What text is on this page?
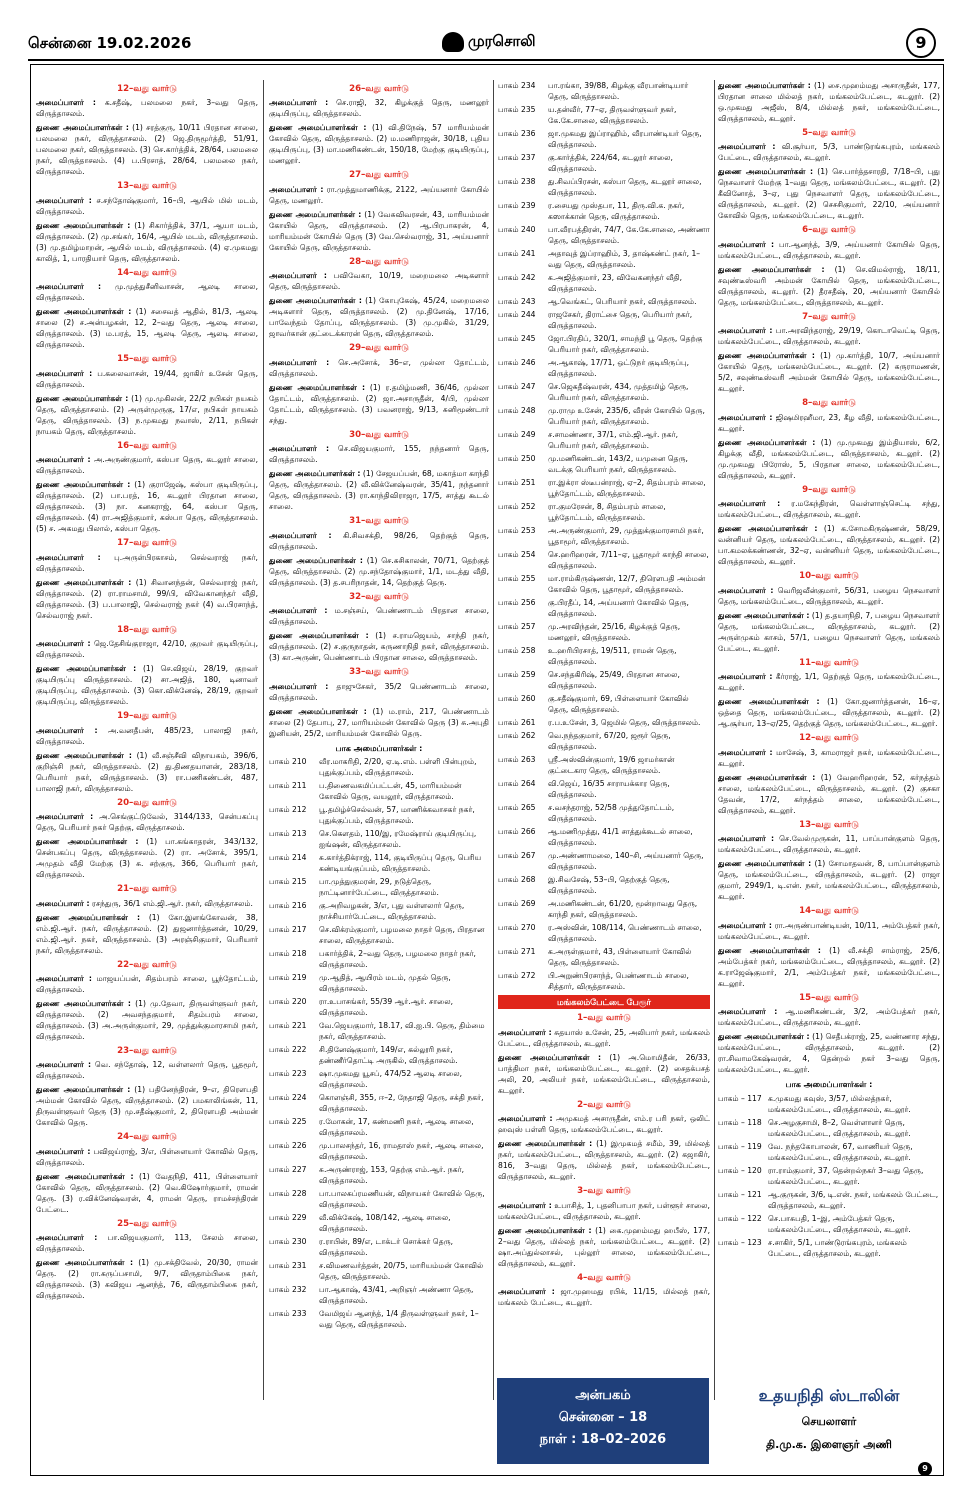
சென்னை 19.02.2026	முரசொலி	9
12–வது வார்டு
அமைப்பாளர் : க.சதீஷ், பலமலை நகர், 3–வது தெரு, விருத்தாசலம்.
துணை அமைப்பாளர்கள் : (1) சரத்குரு, 10/11 பிரதான சாலை, பலமலை நகர், விருத்தாசலம். (2) ஜெ.திருமூர்த்தி, 51/91, பலமலை நகர், விருத்தாசலம். (3) செ.கார்த்திக், 28/64, பலமலை நகர், விருத்தாசலம். (4) ப.பிரசாத், 28/64, பலமலை நகர், விருத்தாசலம்.
13–வது வார்டு
அமைப்பாளர் : ச.சந்தோஷ்குமார், 16–பி, ஆயில் மில் மடம், விருத்தாசலம்.
துணை அமைப்பாளர்கள் : (1) சிகார்த்திக், 37/1, ஆயா மடம், விருத்தாசலம். (2) மு.சங்கர், 16/4, ஆயில் மடம், விருத்தாசலம். (3) மு.தமிழ்மாறன், ஆயில் மடம், விருத்தாசலம். (4) ஏ.முகமது காலித், 1, பாரதியார் தெரு, விருத்தாசலம்.
14–வது வார்டு
அமைப்பாளர் : மு.முத்துசீனிவாசன், ஆலடி சாலை, விருத்தாசலம்.
துணை அமைப்பாளர்கள் : (1) சசைவத் ஆதில், 81/3, ஆலடி சாலை (2) ச.அன்பழகன், 12, 2–வது தெரு, ஆலடி சாலை, விருத்தாசலம். (3) ம.பரத், 15, ஆலடி தெரு, ஆலடி சாலை, விருத்தாசலம்.
15–வது வார்டு
அமைப்பாளர் : ப.கலைவாசன், 19/44, ஜாகிர் உசேன் தெரு, விருத்தாசலம்.
துணை அமைப்பாளர்கள் : (1) மு.முகிலன், 22/2 நபிகள் நயகம் தெரு, விருத்தாசலம். (2) அருள்முருகு, 17/எ, நபிகள் நாயகம் தெரு, விருத்தாசலம். (3) ந.முகமது நவாஸ், 2/11, நபிகள் நாயகம் தெரு, விருத்தாசலம்.
16–வது வார்டு
அமைப்பாளர் : அ.அருண்குமார், கஸ்பா தெரு, கடலூர் சாலை, விருத்தாசலம்.
துணை அமைப்பாளர்கள் : (1) குராஜேஷ், கஸ்பா குடியிருப்பு, விருத்தாசலம். (2) பா.பரத், 16, கடலூர் பிரதான சாலை, விருத்தாசலம். (3) நா. கனகராஜ், 64, கஸ்பா தெரு, விருத்தாசலம். (4) ரா.அஜித்குமார், கஸ்பா தெரு, விருத்தாசலம். (5) ச. அகமது பிலால், கஸ்பா தெரு.
17–வது வார்டு
அமைப்பாளர் : பு.அருள்பிரகாசம், செல்வராஜ் நகர், விருத்தாசலம்.
துணை அமைப்பாளர்கள் : (1) சிவானந்தன், செல்வராஜ் நகர், விருத்தாசலம். (2) ரா.ராமசாமி, 99/பி, விவேகானந்தர் வீதி, விருத்தாசலம். (3) ப.பாலாஜி, செல்வராஜ் நகர் (4) வ.பிரசாந்த், செல்வராஜ் நகர்.
18–வது வார்டு
அமைப்பாளர் : ஜெ.தேசிங்குராஜா, 42/10, குறவர் குடியிருப்பு, விருத்தாசலம்.
துணை அமைப்பாளர்கள் : (1) செ.விஜய், 28/19, குறவர் குடியிருப்பு விருத்தாசலம். (2) சா.அஜித், 180, டினாவர் குடியிருப்பு, விருத்தாசலம். (3) கொ.விக்னேஷ், 28/19, குறவர் குடியிருப்பு, விருத்தாசலம்.
19–வது வார்டு
அமைப்பாளர் : அ.வனதீபன், 485/23, பாலாஜி நகர், விருத்தாசலம்.
துணை அமைப்பாளர்கள் : (1) வீ.சஞ்சீவி விநாயகம், 396/6, குறிஞ்சி நகர், விருத்தாசலம். (2) து.திணதயாளன், 283/18, பெரியார் நகர், விருத்தாசலம். (3) ரா.பணிகண்டன், 487, பாலாஜி நகர், விருத்தாசலம்.
20–வது வார்டு
அமைப்பாளர் : அ.செங்குட்டுவேல், 3144/133, சென்பகப்பு தெரு, பெரியார் நகர் தெற்கு, விருத்தாசலம்.
துணை அமைப்பாளர்கள் : (1) பா.கங்காதரன், 343/132, சென்பகப்பு தெரு, விருத்தாசலம். (2) ரா. அசோக், 395/1, அமுதம் வீதி மேற்கு (3) சு. சற்குரு, 366, பெரியார் நகர், விருத்தாசலம்.
21–வது வார்டு
அமைப்பாளர் : ரசந்துரு, 36/1 எம்.ஜி.ஆர். நகர், விருத்தாசலம்.
துணை அமைப்பாளர்கள் : (1) கோ.இளங்கோவன், 38, எம்.ஜி.ஆர். நகர், விருத்தாசலம். (2) துஜனார்த்தனன், 10/29, எம்.ஜி.ஆர். நகர், விருத்தாசலம். (3) அரஞ்சிகுமார், பெரியார் நகர், விருத்தாசலம்.
22–வது வார்டு
அமைப்பாளர் : மாஜயப்பன், சிதம்பரம் சாலை, பூந்தோட்டம், விருத்தாசலம்.
துணை அமைப்பாளர்கள் : (1) மு.தேவா, திருவள்ளுவர் நகர், விருத்தாசலம். (2) அவசந்தகுமார், சிதம்பரம் சாலை, விருத்தாசலம். (3) அ.அருள்குமார், 29, முத்துக்குமாரசாமி நகர், விருத்தாசலம்.
23–வது வார்டு
அமைப்பாளர் : வெ. சந்தோஷ், 12, வள்ளலார் தெரு, பூதமூர், விருத்தாசலம்.
துணை அமைப்பாளர்கள் : (1) பதினேந்திரன், 9–எ, திரௌபதி அம்மன் கோவில் தெரு, விருத்தாசலம். (2) பமகாலிங்கன், 11, திருவள்ளுவர் தெரு (3) மு.சதீஷ்குமார், 2, திரௌபதி அம்மன் கோவில் தெரு.
24–வது வார்டு
அமைப்பாளர் : பவிஜய்ராஜ், 3/எ, பிள்ளையார் கோவில் தெரு, விருத்தாசலம்.
துணை அமைப்பாளர்கள் : (1) வேதநிதி, 411, பிள்ளையார் கோவில் தெரு, விருத்தாசலம். (2) வெ.கிஷோர்குமார், ராமன் தெரு. (3) ர.விக்னேஷ்வரன், 4, ராமன் தெரு, ராமச்சந்திரன் பேட்டை.
25–வது வார்டு
அமைப்பாளர் : பா.விஜயகுமார், 113, சேலம் சாலை, விருத்தாசலம்.
துணை அமைப்பாளர்கள் : (1) மு.சக்திவேல், 20/30, ராமன் தெரு. (2) ரா.கருப்பசாமி, 9/7, விருதாம்பிகை நகர், விருத்தாசலம். (3) சுவிஜய ஆனந்த், 76, விருதாம்பிகை நகர், விருத்தாசலம்.
26–வது வார்டு
அமைப்பாளர் : செ.ராஜி, 32, கிழக்குத் தெரு, மணலூர் குடியிருப்பு, விருத்தாசலம்.
துணை அமைப்பாளர்கள் : (1) வி.திநேஷ், 57 மாரியம்மன் கோவில் தெரு, விருத்தாசலம். (2) ம.மணிராஜன், 30/18, புதிய குடியிருப்பு, (3) மா.மணிகண்டன், 150/18, மேற்கு குடியிருப்பு, மணலூர்.
27–வது வார்டு
அமைப்பாளர் : ரா.முத்துமாணிக்கு, 2122, அய்யனார் கோயில் தெரு, மணலூர்.
துணை அமைப்பாளர்கள் : (1) வேசுவிவரசன், 43, மாரியம்மன் கோயில் தெரு, விருத்தாசலம். (2) ஆ.பிரபாகரன், 4, மாரியம்மன் கோயில் தெரு (3) வே.செல்வராஜ், 31, அய்யனார் கோயில் தெரு, விருத்தாசலம்.
28–வது வார்டு
அமைப்பாளர் : பவிவேகா, 10/19, மறைமலை அடிகளார் தெரு, விருத்தாசலம்.
துணை அமைப்பாளர்கள் : (1) கோபுகேஷ், 45/24, மறைமலை அடிகளார் தெரு, விருத்தாசலம். (2) மு.தினேஷ், 17/16, பாவேந்தம் தோப்பு, விருத்தாசலம். (3) மு.முகில், 31/29, ஜாவர்கான் குட்டைக்காரன் தெரு, விருத்தாசலம்.
29–வது வார்டு
அமைப்பாளர் : செ.அசோக், 36–எ, முல்லா தோட்டம், விருத்தாசலம்.
துணை அமைப்பாளர்கள் : (1) ர.தமிழ்மணி, 36/46, முல்லா தோட்டம், விருத்தாசலம். (2) ஜா.அசாருதீன், 4/பி, முல்லா தோட்டம், விருத்தாசலம். (3) பவனராஜ், 9/13, சுனிமூண்டார் சந்து.
30–வது வார்டு
அமைப்பாளர் : செ.விஜயகுமார், 155, நந்தனார் தெரு, விருத்தாசலம்.
துணை அமைப்பாளர்கள் : (1) சேஜயப்பன், 68, மகாத்மா காந்தி தெரு, விருத்தாசலம். (2) வீ.விக்னேஷ்வரன், 35/41, நந்தனார் தெரு, விருத்தாசலம். (3) ரா.காந்திவிராஜா, 17/5, சாத்து கூடல் சாலை.
31–வது வார்டு
அமைப்பாளர் : கி.சிவசக்தி, 98/26, தெற்குத் தெரு, விருத்தாசலம்.
துணை அமைப்பாளர்கள் : (1) செ.சுசிகாலன், 70/71, தெற்குத் தெரு, விருத்தாசலம். (2) மு.சந்தோஷ்குமார், 1/1, மடத்து வீதி, விருத்தாசலம். (3) த.சபரிநாதன், 14, தெற்குத் தெரு.
32–வது வார்டு
அமைப்பாளர் : ம.சஞ்சய், பெண்ணாடம் பிரதான சாலை, விருத்தாசலம்.
துணை அமைப்பாளர்கள் : (1) ச.ராமஜெயம், சாந்தி நகர், விருத்தாசலம். (2) ச.குருநாதன், கருணாநிதி நகர், விருத்தாசலம். (3) கா.அருண், பெண்ணாடம் பிரதான சாலை, விருத்தாசலம்.
33–வது வார்டு
அமைப்பாளர் : தாஜுசேகர், 35/2 பெண்ணாடம் சாலை, விருத்தாசலம்.
துணை அமைப்பாளர்கள் : (1) ம.ராம், 217, பெண்ணாடம் சாலை (2) தேபாபு, 27, மாரியம்மன் கோவில் தெரு (3) சு.அபுதி இனியன், 25/2, மாரியம்மன் கோவில் தெரு.
பாக அமைப்பாளர்கள் :
பாகம் 210	வீர.மாகரிதி, 2/20, ஏ.டி.எம். பள்ளி பின்புறம், புதுக்குப்பம், விருத்தாசலம்.
பாகம் 211	ப.திணைவகமிப்பட்டன், 45, மாரியம்மன் கோவில் தெரு, வயலூர், விருத்தாசலம்.
பாகம் 212	பூ.தமிழ்ச்செல்வன், 57, மாணிக்கவாசகர் நகர், புதுக்குப்பம், விருத்தாசலம்.
பாகம் 213	செ.கௌதம், 110/இ, ரமேஷ்ராய் குடியிருப்பு, ஐங்ஷன், விருத்தாசலம்.
பாகம் 214	சு.கார்த்திக்ராஜ், 114, குடியிருப்பு தெரு, பெரிய கண்டியங்குப்பம், விருத்தாசலம்.
பாகம் 215	பா.முத்துகுமரன், 29, நடுத்தெரு, நாட்டினார்பேட்டை, விருத்தாசலம்.
பாகம் 216	கு.அறிவழகன், 3/எ, புது வள்ளலார் தெரு, நாச்சியார்பேட்டை, விருத்தாசலம்.
பாகம் 217	செ.விக்ரம்குமார், பழமலை நாதர் தெரு, பிரதான சாலை, விருத்தாசலம்.
பாகம் 218	பகார்த்திக், 2–வது தெரு, பழமலை நாதர் நகர், விருத்தாசலம்.
பாகம் 219	மு.ஆதித், ஆயிரம் மடம், முதல் தெரு, விருத்தாசலம்.
பாகம் 220	ரா.உபாசங்கர், 55/39 ஆர்.ஆர். சாலை, விருத்தாசலம்.
பாகம் 221	வே.ஜெயகுமார், 18.17, வி.ஐ.பி. தெரு, திம்மை நகர், விருத்தாசலம்.
பாகம் 222	சி.தினேஷ்குமார், 149/எ, கல்லூரி நகர், தண்ணீர்தொட்டி அருகில், விருத்தாசலம்.
பாகம் 223	ஷா.முகமது யூசப், 474/52 ஆலடி சாலை, விருத்தாசலம்.
பாகம் 224	கொளஞ்சி, 355, ஈ–2, நேதாஜி தெரு, சக்தி நகர், விருத்தாசலம்.
பாகம் 225	ர.மோகன், 17, கண்மணி நகர், ஆலடி சாலை, விருத்தாசலம்.
பாகம் 226	மு.பாலசந்தர், 16, ராமதாஸ் நகர், ஆலடி சாலை, விருத்தாசலம்.
பாகம் 227	சு.அருண்ராஜ், 153, தெற்கு எம்.ஆர். நகர், விருத்தாசலம்.
பாகம் 228	பா.பாலசுப்ரமணியன், விநாயகர் கோவில் தெரு, விருத்தாசலம்.
பாகம் 229	வீ.விக்கேஷ், 108/142, ஆலடி சாலை, விருத்தாசலம்.
பாகம் 230	ர.ராபின், 89/எ, டாக்டர் சொக்கர் தெரு, விருத்தாசலம்.
பாகம் 231	ச.விமணவர்த்தன், 20/75, மாரியம்மன் கோவில் தெரு, விருத்தாசலம்.
பாகம் 232	பா.ஆகாஷ், 43/41, அறிஞர் அண்ணா தெரு, விருத்தாசலம்.
பாகம் 233	வேமிஜய் ஆனந்த், 1/4 திருவள்ளுவர் நகர், 1–வது தெரு, விருத்தாசலம்.
பாகம் 234	பா.ரங்கா, 39/88, கிழக்கு வீரபாண்டியார் தெரு, விருத்தாசலம்.
பாகம் 235	ய.தன்வீர், 77–ஏ, திருவள்ளுவர் நகர், கே.கே.சாலை, விருத்தாசலம்.
பாகம் 236	ஜா.முகமது இப்ராஹிம், வீரபாண்டியர் தெரு, விருத்தாசலம்.
பாகம் 237	கு.கார்த்திக், 224/64, கடலூர் சாலை, விருத்தாசலம்.
பாகம் 238	து.சிவப்பிரசன், கஸ்பா தெரு, கடலூர் சாலை, விருத்தாசலம்.
பாகம் 239	ர.சையது முஸ்தபா, 11, திரு.வி.க. நகர், கஸாக்கான் தெரு, விருத்தாசலம்.
பாகம் 240	பா.வீரபத்திரன், 74/7, கே.கே.சாலை, அண்ணா தெரு, விருத்தாசலம்.
பாகம் 241	அதாவுத் இப்ராஹிம், 3, தாஷ்கண்ட் நகர், 1–வது தெரு, விருத்தாசலம்.
பாகம் 242	க.அஜித்குமார், 23, விவேகனந்தர் வீதி, விருத்தாசலம்.
பாகம் 243	ஆ.வெங்கட், பெரியார் நகர், விருத்தாசலம்.
பாகம் 244	ராஜசேகர், திராட்சை தெரு, பெரியார் நகர், விருத்தாசலம்.
பாகம் 245	ஜோ.பிரதிப், 320/1, சாமந்தி பூ தெரு, தெற்கு பெரியார் நகர், விருத்தாசலம்.
பாகம் 246	அ.ஆகாஷ், 17/71, ஒட்டுநர் குடியிருப்பு, விருத்தாசலம்.
பாகம் 247	செ.ஜெகதீஷ்வரன், 434, முத்தமிழ் தெரு, பெரியார் நகர், விருத்தாசலம்.
பாகம் 248	மு.ராமு உசேன், 235/6, வீரன் கோயில் தெரு, பெரியார் நகர், விருத்தாசலம்.
பாகம் 249	ச.சாமண்ணா, 37/1, எம்.ஜி.ஆர். நகர், பெரியார் நகர், விருத்தாசலம்.
பாகம் 250	மு.மணிகண்டன், 143/2, யமுனை தெரு, வடக்கு பெரியார் நகர், விருத்தாசலம்.
பாகம் 251	ரா.இக்ரா ஸ்டீபன்ராஜ், ஏ–2, சிதம்பரம் சாலை, பூந்தோட்டம், விருத்தாசலம்.
பாகம் 252	ரா.குமரேசன், 8, சிதம்பரம் சாலை, பூந்தோட்டம், விருத்தாசலம்.
பாகம் 253	அ.அருண்குமார், 29, முத்துக்குமாரசாமி நகர், பூதாமூர், விருத்தாசலம்.
பாகம் 254	செ.ஹரிஹரன், 7/11–ஏ, பூதாமூர் காந்தி சாலை, விருத்தாசலம்.
பாகம் 255	மா.ராம்கிருஷ்ணன், 12/7, திரௌபதி அம்மன் கோவில் தெரு, பூதாமூர், விருத்தாசலம்.
பாகம் 256	கு.பிரதீப், 14, அய்யனார் கோவில் தெரு, விருத்தாசலம்.
பாகம் 257	மு.அரவிந்தன், 25/16, கிழக்குத் தெரு, மணலூர், விருத்தாசலம்.
பாகம் 258	உ.ஹரிபிரசாத், 19/511, ராமன் தெரு, விருத்தாசலம்.
பாகம் 259	செ.சந்தகிரிஷ், 25/49, பிரதான சாலை, விருத்தாசலம்.
பாகம் 260	கு.சதீஷ்குமார், 69, பிள்ளையார் கோவில் தெரு, விருத்தாசலம்.
பாகம் 261	ர.ப.உசேன், 3, ஜெமில் தெரு, விருத்தாசலம்.
பாகம் 262	வெ.நந்தகுமார், 67/20, ஜரூர் தெரு, விருத்தாசலம்.
பாகம் 263	ஸ்ரீ.அஸ்வின்குமார், 19/6 ஜாமர்கான் குட்டைகார தெரு, விருத்தாசலம்.
பாகம் 264	வி.ஜெய், 16/35 சாராயக்கார தெரு, விருத்தாசலம்.
பாகம் 265	ச.வசந்தராஜ், 52/58 முத்துதோட்டம், விருத்தாசலம்.
பாகம் 266	ஆ.மணிமுத்து, 41/1 சாத்துக்கூடல் சாலை, விருத்தாசலம்.
பாகம் 267	மு.அண்ணாமலை, 140–சி, அய்யனார் தெரு, விருத்தாசலம்.
பாகம் 268	இ.சிவசேஷ், 53–பி, தெற்குத் தெரு, விருத்தாசலம்.
பாகம் 269	அ.மணிகண்டன், 61/20, மூன்றாவது தெரு, காந்தி நகர், விருத்தாசலம்.
பாகம் 270	ர.அஸ்வின், 108/114, பெண்ணாடம் சாலை, விருத்தாசலம்.
பாகம் 271	க.அருள்குமார், 43, பிள்ளையார் கோவில் தெரு, விருத்தாசலம்.
பாகம் 272	பி.அறுண்பிரசாந்த், பெண்ணாடம் சாலை, சித்தார், விருத்தாசலம்.
மங்கலம்பேட்டை பேரூர்
1–வது வார்டு
அமைப்பாளர் : சுதயாஸ் உசேன், 25, அலிபார் நகர், மங்கலம் பேட்டை, விருத்தாசலம், கடலூர்.
துணை அமைப்பாளர்கள் : (1) அ.மொமிதீன், 26/33, பாத்திமா நகர், மங்கலம்பேட்டை, கடலூர். (2) சைதக்பசத் அலி, 20, அலியர் நகர், மங்கலம்பேட்டை, விருத்தாசலம், கடலூர்.
2–வது வார்டு
அமைப்பாளர் : அமுகமத் அசாருதீன், எம்.ர பரி நகர், ஒலிட் ஹவுஸ் பள்ளி தெரு, மங்கலம்பேட்டை, கடலூர்.
துணை அமைப்பாளர்கள் : (1) இமுகமத் சமீம், 39, மில்லத் நகர், மங்கலம்பேட்டை, விருத்தாசலம், கடலூர். (2) கஜாகிர், 816, 3–வது தெரு, மில்லத் நகர், மங்கலம்பேட்டை, விருத்தாசலம், கடலூர்.
3–வது வார்டு
அமைப்பாளர் : உபாசித், 1, புதனிபாபா நகர், பள்ளூர் சாலை, மங்கலம்பேட்டை, விருத்தாசலம், கடலூர்.
துணை அமைப்பாளர்கள் : (1) கை.முஹம்மது ஹபீஸ், 177, 2–வது தெரு, மில்லத் நகர், மங்கலம்பேட்டை, கடலூர். (2) ஷா.அப்துல்லாசல், புல்லூர் சாலை, மங்கலம்பேட்டை, விருத்தாசலம், கடலூர்.
4–வது வார்டு
அமைப்பாளர் : ஜா.முஹமது ரபிக், 11/15, மில்லத் நகர், மங்கலம் பேட்டை, கடலூர்.
துணை அமைப்பாளர்கள் : (1) சை.முஹம்மது அசாருதீன், 177, பிரதான சாலை மில்லத் நகர், மங்கலம்பேட்டை, கடலூர். (2) ஒ.முகமது அஜீஸ், 8/4, மில்லத் நகர், மங்கலம்பேட்டை, விருத்தாசலம், கடலூர்.
5–வது வார்டு
அமைப்பாளர் : வி.சூர்யா, 5/3, பாண்டுரங்கபுரம், மங்கலம் பேட்டை, விருத்தாசலம், கடலூர்.
துணை அமைப்பாளர்கள் : (1) செ.பார்த்தசாரதி, 7/18–பி, புது நெசவாளர் மேற்கு 1–வது தெரு, மங்கலம்பேட்டை, கடலூர். (2) கீவினோத், 3–ஏ, புது நெசவாளர் தெரு, மங்கலம்பேட்டை, விருத்தாசலம், கடலூர். (2) செசசிகுமார், 22/10, அய்யனார் கோவில் தெரு, மங்கலம்பேட்டை, கடலூர்.
6–வது வார்டு
அமைப்பாளர் : பா.ஆனந்த், 3/9, அய்யனார் கோயில் தெரு, மங்கலம்பேட்டை, விருத்தாசலம், கடலூர்.
துணை அமைப்பாளர்கள் : (1) செ.விமல்ராஜ், 18/11, சவுண்டீஸ்வரி அம்மன் கோயில் தெரு, மங்கலம்பேட்டை, விருத்தாசலம், கடலூர். (2) தீரசதீஷ், 20, அய்யனார் கோயில் தெரு, மங்கலம்பேட்டை, விருத்தாசலம், கடலூர்.
7–வது வார்டு
அமைப்பாளர் : பா.அரவிந்தராஜ், 29/19, கொடாவெட்டி தெரு, மங்கலம்பேட்டை, விருத்தாசலம், கடலூர்.
துணை அமைப்பாளர்கள் : (1) மு.கார்த்தி, 10/7, அய்யனார் கோயில் தெரு, மங்கலம்பேட்டை, கடலூர். (2) கருராமணன், 5/2, சவுண்டீஸ்வரி அம்மன் கோயில் தெரு, மங்கலம்பேட்டை, கடலூர்.
8–வது வார்டு
அமைப்பாளர் : ஜிஷமிரஹீமா, 23, கீழ வீதி, மங்கலம்பேட்டை, கடலூர்.
துணை அமைப்பாளர்கள் : (1) மு.முகமது இம்தியாஸ், 6/2, கிழக்கு வீதி, மங்கலம்பேட்டை, விருத்தாசலம், கடலூர். (2) மு.முகமது பிரோஸ், 5, பிரதான சாலை, மங்கலம்பேட்டை, விருத்தாசலம், கடலூர்.
9–வது வார்டு
அமைப்பாளர் : ர.மகேந்திரன், வெள்ளாஞ்செட்டி சந்து, மங்கலம்பேட்டை, விருத்தாசலம், கடலூர்.
துணை அமைப்பாளர்கள் : (1) க.சோமகிருஷ்ணன், 58/29, வன்னியர் தெரு, மங்கலம்பேட்டை, விருத்தாசலம், கடலூர். (2) பா.கமலக்கண்ணன், 32–ஏ, வன்னியர் தெரு, மங்கலம்பேட்டை, விருத்தாசலம், கடலூர்.
10–வது வார்டு
அமைப்பாளர் : வெரிஜவீன்குமார், 56/31, பழைய நெசவாளர் தெரு, மங்கலம்பேட்டை, விருத்தாசலம், கடலூர்.
துணை அமைப்பாளர்கள் : (1) த.தயாநிதி, 7, பழைய நெசவாளர் தெரு, மங்கலம்பேட்டை, விருத்தாசலம், கடலூர். (2) அருள்முகம் காசம், 57/1, பழைய நெசவாளர் தெரு, மங்கலம் பேட்டை, கடலூர்.
11–வது வார்டு
அமைப்பாளர் : கீர்ராஜ், 1/1, தெற்குத் தெரு, மங்கலம்பேட்டை, கடலூர்.
துணை அமைப்பாளர்கள் : (1) கோ.ஜனார்த்தனன், 16–ஏ, ஒத்தை தெரு, மங்கலம்பேட்டை, விருத்தாசலம், கடலூர். (2) ஆ.சூர்யா, 13–ஏ/25, தெற்குத் தெரு, மங்கலம்பேட்டை, கடலூர்.
12–வது வார்டு
அமைப்பாளர் : மாசேஷ், 3, காமராஜர் நகர், மங்கலம்பேட்டை, கடலூர்.
துணை அமைப்பாளர்கள் : (1) வேஹரிஹரன், 52, கர்நத்தம் சாலை, மங்கலம்பேட்டை, விருத்தாசலம், கடலூர். (2) குசகா தேவன், 17/2, கர்நத்தம் சாலை, மங்கலம்பேட்டை, விருத்தாசலம், கடலூர்.
13–வது வார்டு
அமைப்பாளர் : செ.வேல்முருகன், 11, பாப்பான்குளம் தெரு, மங்கலம்பேட்டை, விருத்தாசலம், கடலூர்.
துணை அமைப்பாளர்கள் : (1) சோமாதவன், 8, பாப்பான்குளம் தெரு, மங்கலம்பேட்டை, விருத்தாசலம், கடலூர். (2) ராஜா குமார், 2949/1, டி.என். நகர், மங்கலம்பேட்டை, விருத்தாசலம், கடலூர்.
14–வது வார்டு
அமைப்பாளர் : ரா.அருண்பாண்டியன், 10/11, அம்பேத்கர் நகர், மங்கலம்பேட்டை, கடலூர்.
துணை அமைப்பாளர்கள் : (1) வீ.சக்தி சாம்ராஜ், 25/6, அம்பேத்கர் நகர், மங்கலம்பேட்டை, விருத்தாசலம், கடலூர். (2) க.ராஜேஷ்குமார், 2/1, அம்பேத்கர் நகர், மங்கலம்பேட்டை, கடலூர்.
15–வது வார்டு
அமைப்பாளர் : ஆ.மணிகண்டன், 3/2, அம்பேத்கர் நகர், மங்கலம்பேட்டை, விருத்தாசலம், கடலூர்.
துணை அமைப்பாளர்கள் : (1) செதீபக்ராஜ், 25, வண்ணார சந்து, மங்கலம்பேட்டை, விருத்தாசலம், கடலூர். (2) ரா.சிவாமகேஷ்வரன், 4, தென்றல் நகர் 3–வது தெரு, மங்கலம்பேட்டை, கடலூர்.
பாக அமைப்பாளர்கள் :
பாகம் – 117 க.முகமது கவுஸ், 3/57, மில்லத்நகர், மங்கலம்பேட்டை, விருத்தாசலம், கடலூர்.
பாகம் – 118 செ.அழகுசாமி, 8–2, வெள்ளாளர் தெரு, மங்கலம்பேட்டை, விருத்தாசலம், கடலூர்.
பாகம் – 119 வே. நந்தகோபாலன், 67, வாணியர் தெரு, மங்கலம்பேட்டை, விருத்தாசலம், கடலூர்.
பாகம் – 120 ரா.ராம்குமார், 37, தென்றல்நகர் 3–வது தெரு, மங்கலம்பேட்டை, கடலூர்.
பாகம் – 121 ஆ.குருகன், 3/6, டி.என். நகர், மங்கலம் பேட்டை, விருத்தாசலம், கடலூர்.
பாகம் – 122 செ.பாசுபதி, 1–இ, அம்பேத்கர் தெரு, மங்கலம்பேட்டை, விருத்தாசலம், கடலூர்.
பாகம் – 123 ச.சாகிர், 5/1, பாண்டுரங்கபுரம், மங்கலம் பேட்டை, விருத்தாசலம், கடலூர்.
அன்பகம்
சென்னை – 18
நாள் : 18–02–2026
உதயநிதி ஸ்டாலின்
செயலாளர்
தி.மு.க. இளைஞர் அணி
9
